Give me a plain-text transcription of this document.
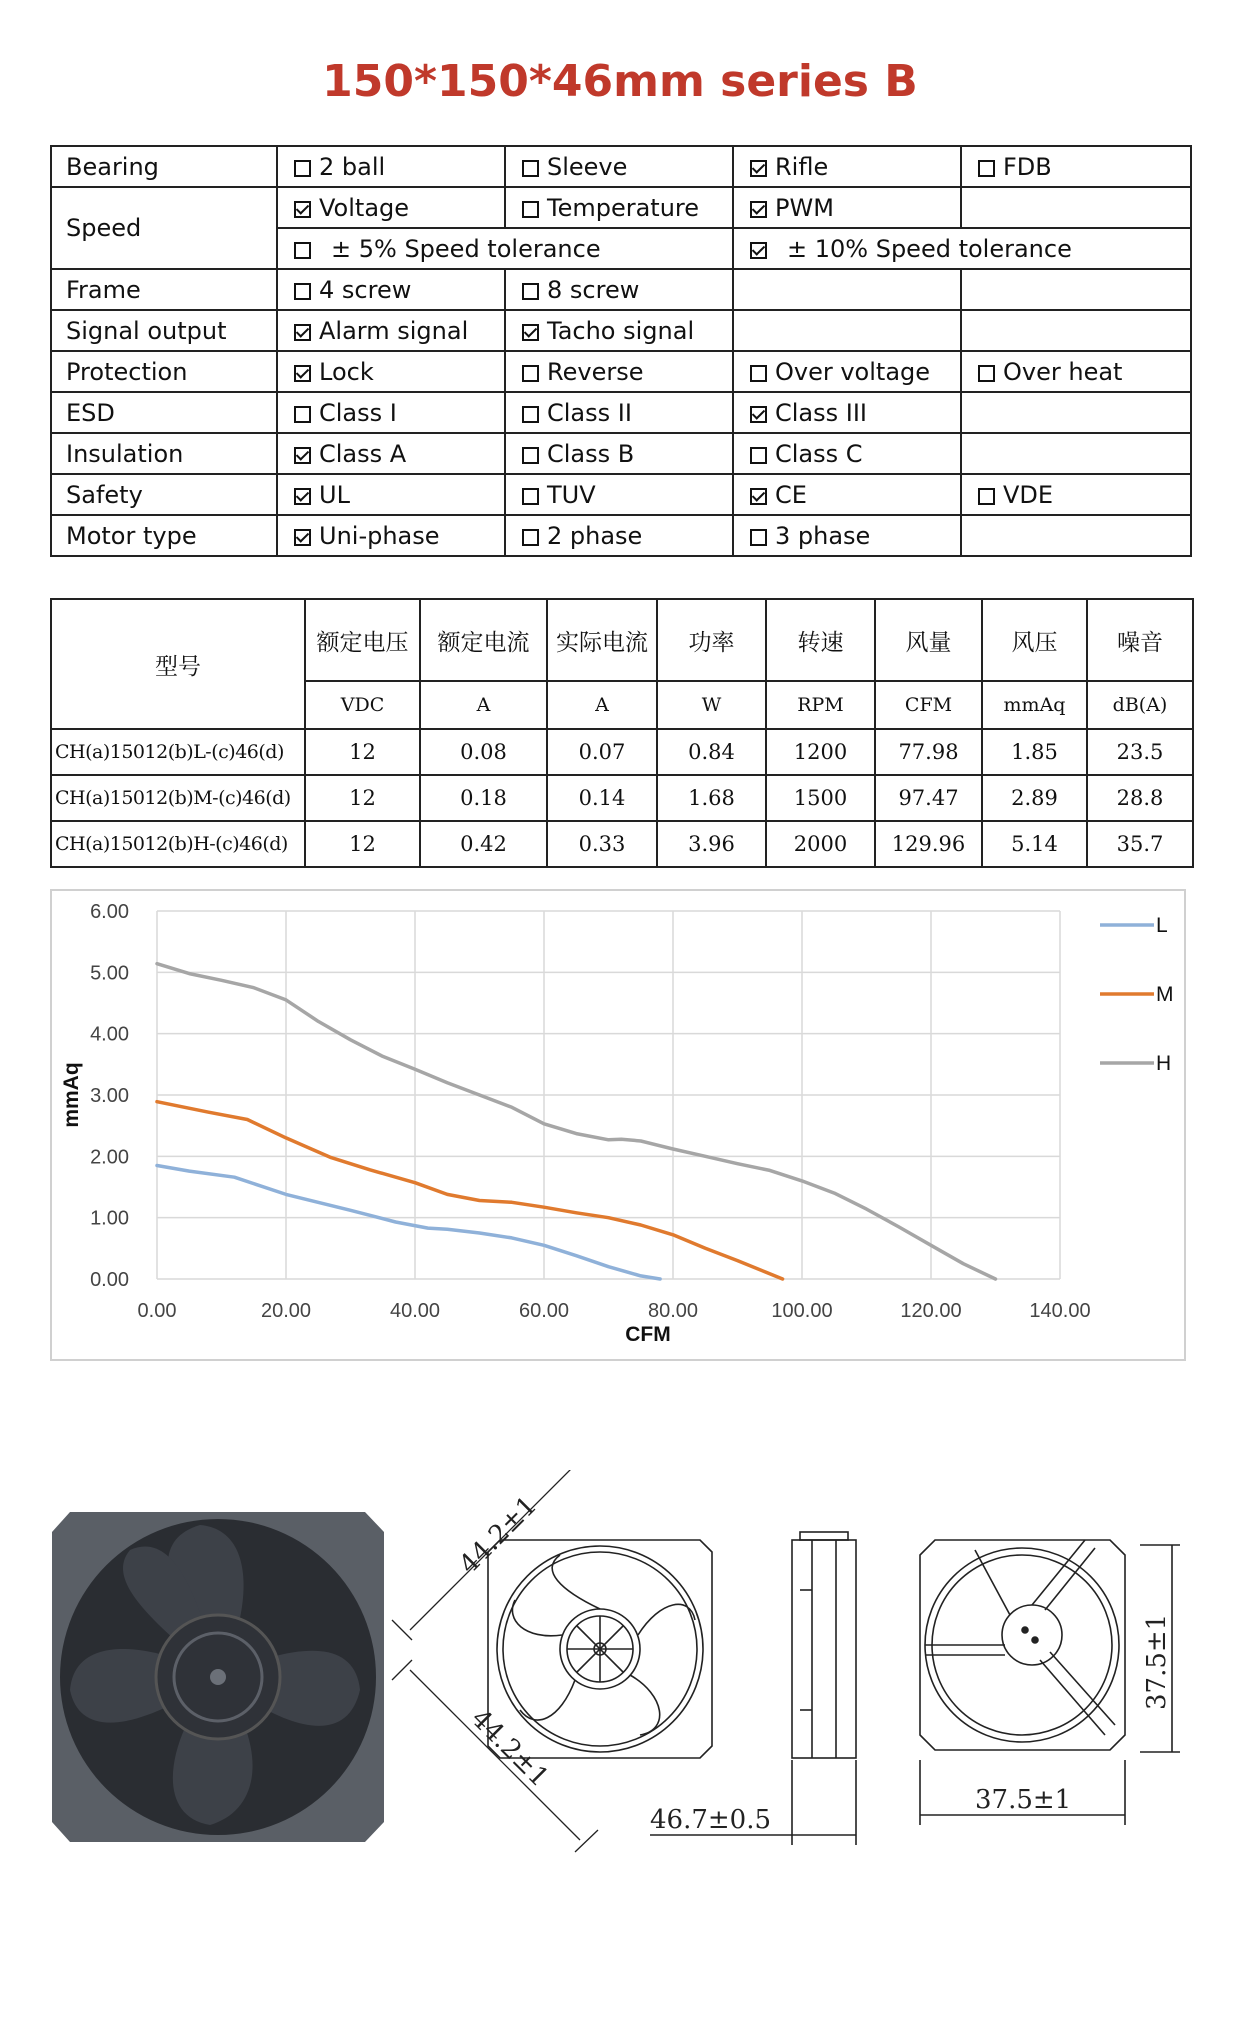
150*150*46mm series B
Bearing	2 ball	Sleeve	Rifle	FDB
Speed	Voltage	Temperature	PWM	
	± 5% Speed tolerance		± 10% Speed tolerance	
Frame	4 screw	8 screw		
Signal output	Alarm signal	Tacho signal		
Protection	Lock	Reverse	Over voltage	Over heat
ESD	Class I	Class II	Class III	
Insulation	Class A	Class B	Class C	
Safety	UL	TUV	CE	VDE
Motor type	Uni-phase	2 phase	3 phase	
型号	额定电压	额定电流	实际电流	功率	转速	风量	风压	噪音
	VDC	A	A	W	RPM	CFM	mmAq	dB(A)
CH(a)15012(b)L-(c)46(d)	12	0.08	0.07	0.84	1200	77.98	1.85	23.5
CH(a)15012(b)M-(c)46(d)	12	0.18	0.14	1.68	1500	97.47	2.89	28.8
CH(a)15012(b)H-(c)46(d)	12	0.42	0.33	3.96	2000	129.96	5.14	35.7
0.00
1.00
2.00
3.00
4.00
5.00
6.00
0.00	20.00	40.00	60.00	80.00	100.00	120.00	140.00
L
M
H
CFM
mmAq
44.2±1
44.2±1
46.7±0.5
37.5±1
37.5±1
